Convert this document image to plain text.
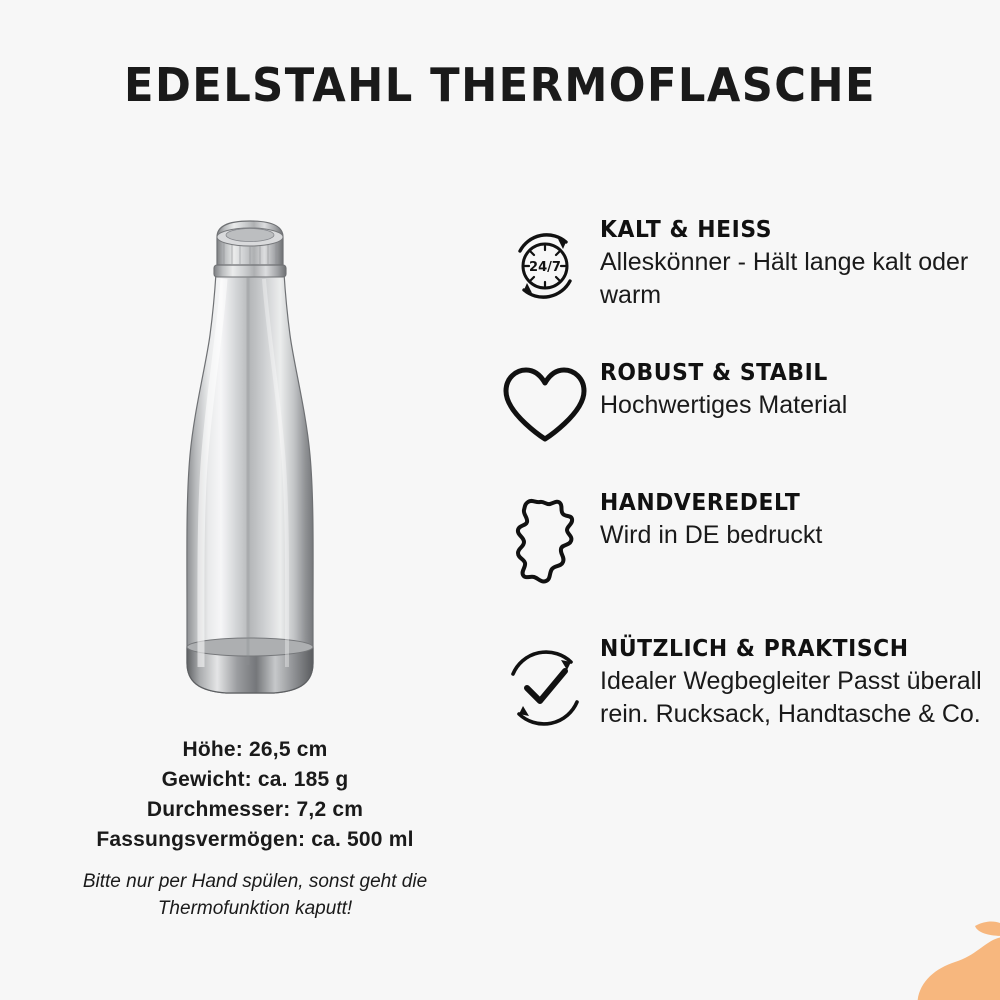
EDELSTAHL THERMOFLASCHE
Höhe: 26,5 cm
Gewicht: ca. 185 g
Durchmesser: 7,2 cm
Fassungsvermögen: ca. 500 ml
Bitte nur per Hand spülen, sonst geht die Thermofunktion kaputt!
24/7
KALT & HEISS
Alleskönner - Hält lange kalt oder warm
ROBUST & STABIL
Hochwertiges Material
HANDVEREDELT
Wird in DE bedruckt
NÜTZLICH & PRAKTISCH
Idealer Wegbegleiter Passt überall rein. Rucksack, Handtasche & Co.
